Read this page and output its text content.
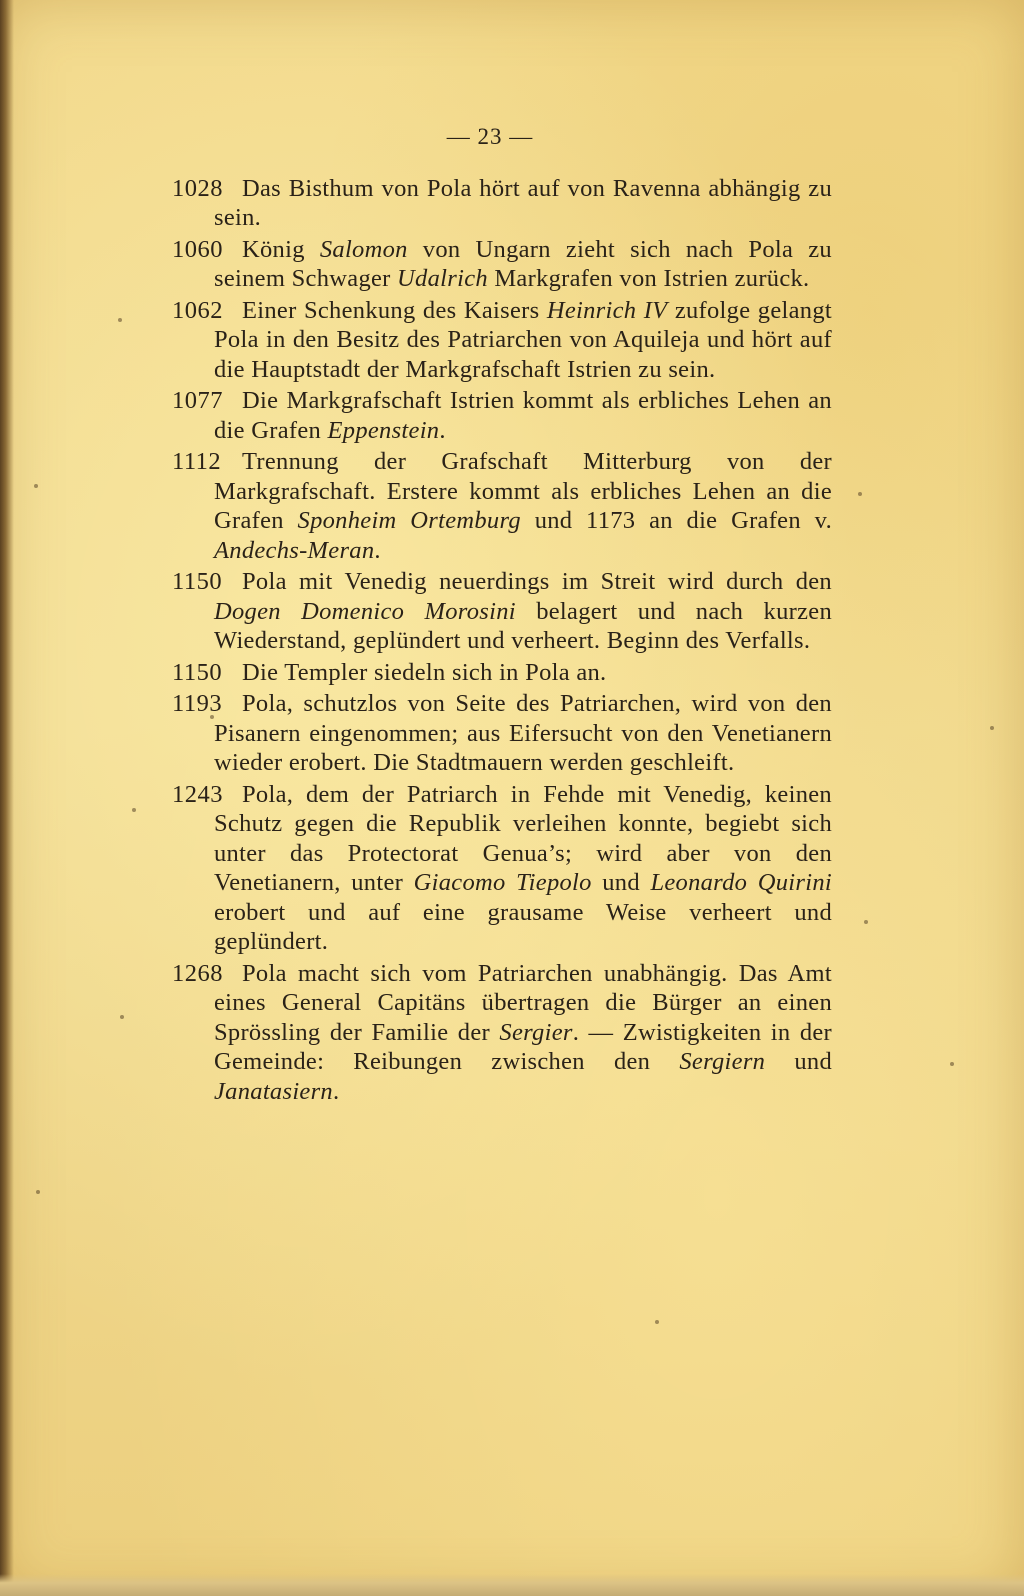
— 23 —
1028 Das Bisthum von Pola hört auf von Ravenna abhängig zu sein.
1060 König Salomon von Ungarn zieht sich nach Pola zu seinem Schwager Udalrich Markgrafen von Istrien zurück.
1062 Einer Schenkung des Kaisers Heinrich IV zufolge gelangt Pola in den Besitz des Patriarchen von Aquileja und hört auf die Hauptstadt der Markgrafschaft Istrien zu sein.
1077 Die Markgrafschaft Istrien kommt als erbliches Lehen an die Grafen Eppenstein.
1112 Trennung der Grafschaft Mitterburg von der Markgrafschaft. Erstere kommt als erbliches Lehen an die Grafen Sponheim Ortemburg und 1173 an die Grafen v. Andechs-Meran.
1150 Pola mit Venedig neuerdings im Streit wird durch den Dogen Domenico Morosini belagert und nach kurzen Wiederstand, geplündert und verheert. Beginn des Verfalls.
1150 Die Templer siedeln sich in Pola an.
1193 Pola, schutzlos von Seite des Patriarchen, wird von den Pisanern eingenommen; aus Eifersucht von den Venetianern wieder erobert. Die Stadtmauern werden geschleift.
1243 Pola, dem der Patriarch in Fehde mit Venedig, keinen Schutz gegen die Republik verleihen konnte, begiebt sich unter das Protectorat Genua’s; wird aber von den Venetianern, unter Giacomo Tiepolo und Leonardo Quirini erobert und auf eine grausame Weise verheert und geplündert.
1268 Pola macht sich vom Patriarchen unabhängig. Das Amt eines General Capitäns übertragen die Bürger an einen Sprössling der Familie der Sergier. — Zwistigkeiten in der Gemeinde: Reibungen zwischen den Sergiern und Janatasiern.
